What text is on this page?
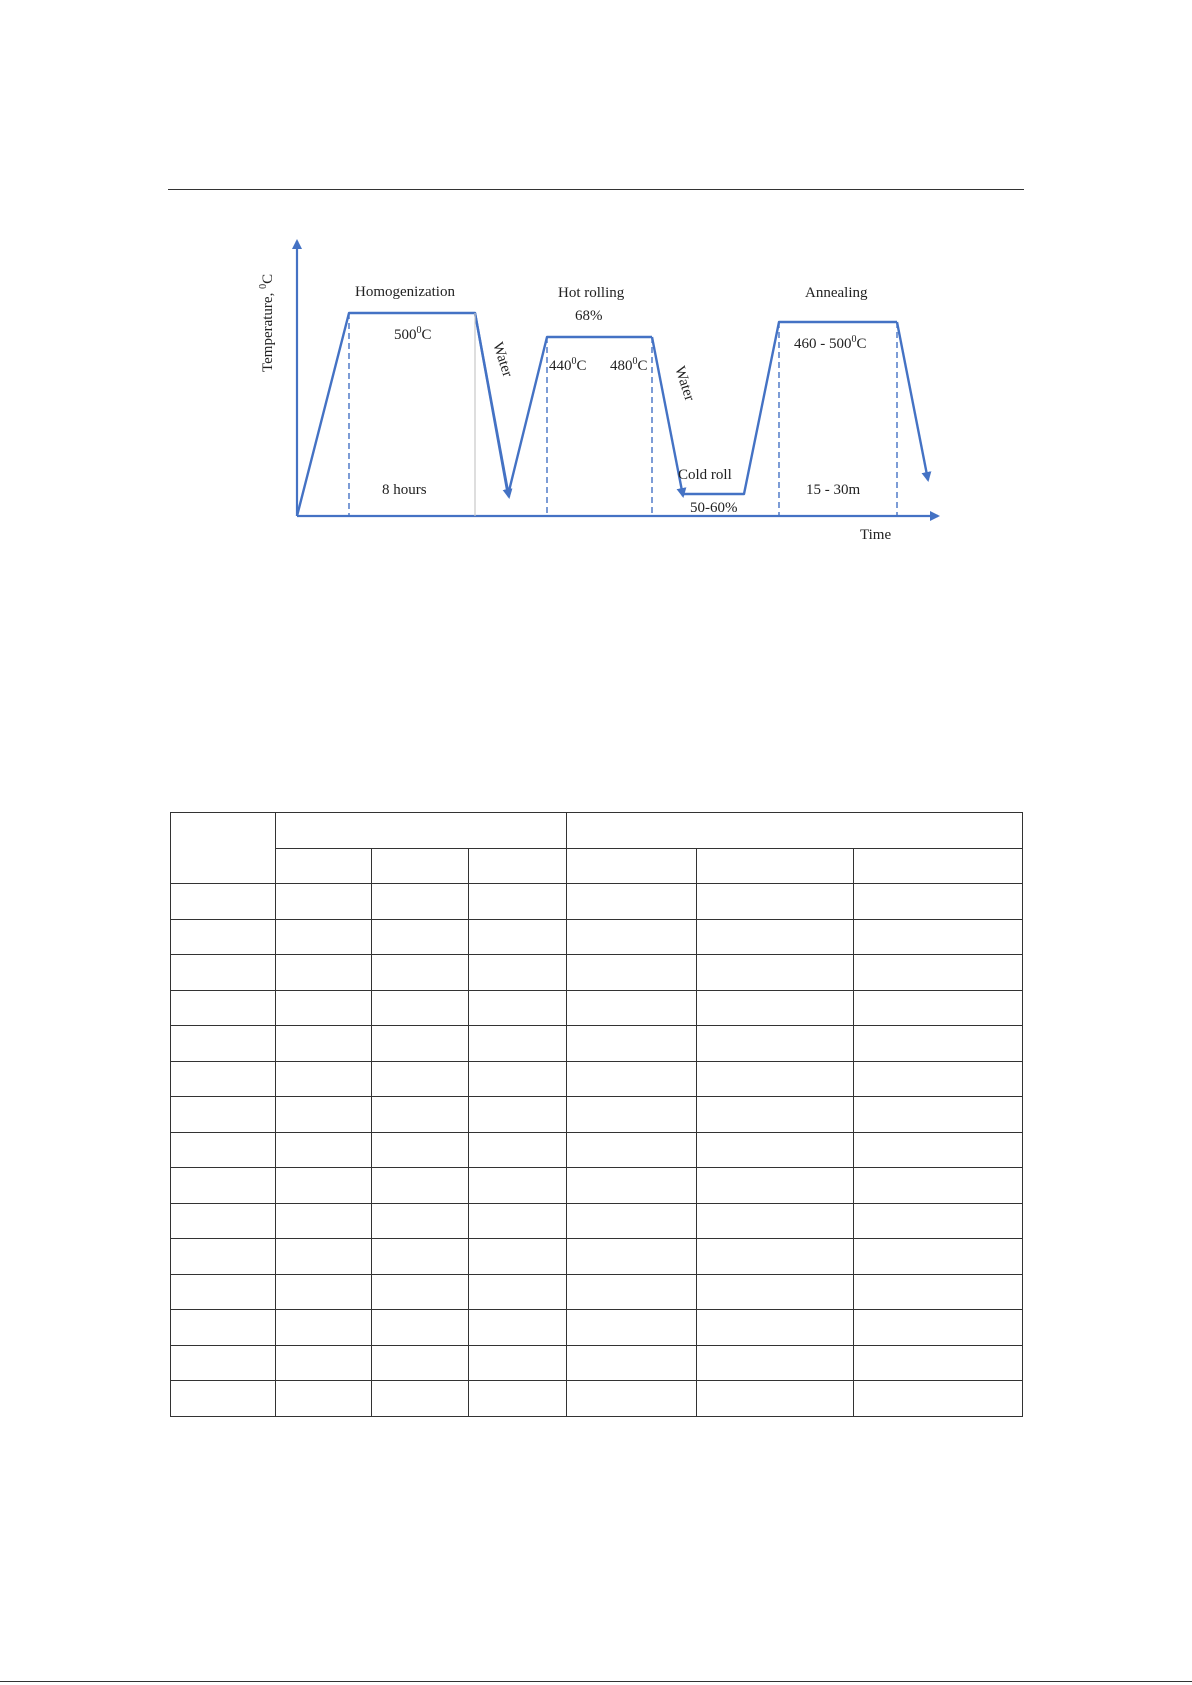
Temperature, $^0$C
Time
Homogenization
$500^0C$
8 hours
Water
Hot rolling
68%
$440^0C$ $480^0C$ Water
Cold roll
50-60%
Annealing
$460 - 500^0C$
15 - 30m
